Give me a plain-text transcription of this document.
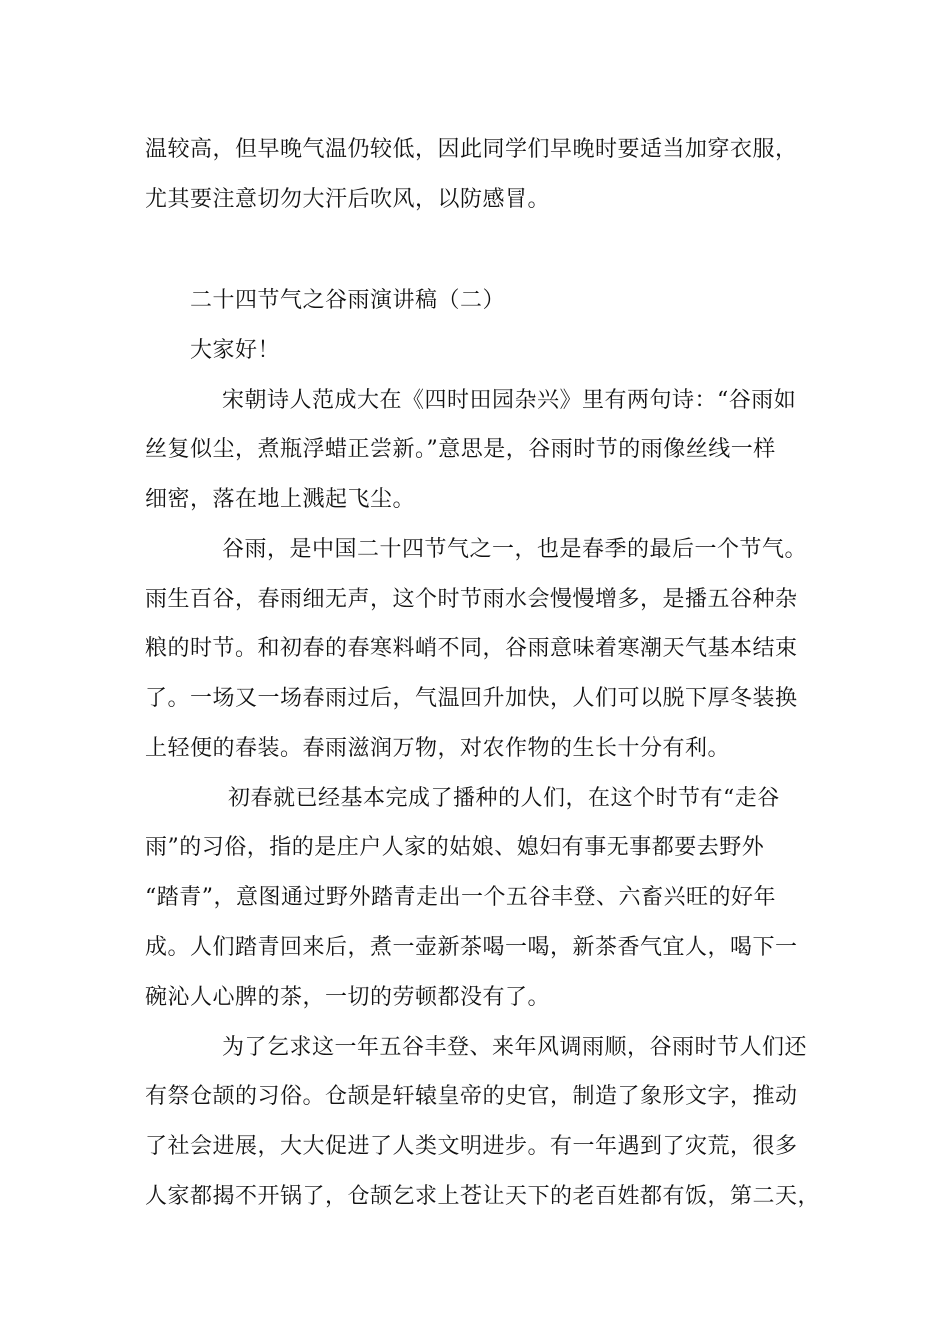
温较高，但早晚气温仍较低，因此同学们早晚时要适当加穿衣服，
尤其要注意切勿大汗后吹风，以防感冒。
二十四节气之谷雨演讲稿（二）
大家好！
宋朝诗人范成大在《四时田园杂兴》里有两句诗：“谷雨如
丝复似尘，煮瓶浮蜡正尝新。”意思是，谷雨时节的雨像丝线一样
细密，落在地上溅起飞尘。
谷雨，是中国二十四节气之一，也是春季的最后一个节气。
雨生百谷，春雨细无声，这个时节雨水会慢慢增多，是播五谷种杂
粮的时节。和初春的春寒料峭不同，谷雨意味着寒潮天气基本结束
了。一场又一场春雨过后，气温回升加快，人们可以脱下厚冬装换
上轻便的春装。春雨滋润万物，对农作物的生长十分有利。
初春就已经基本完成了播种的人们，在这个时节有“走谷
雨”的习俗，指的是庄户人家的姑娘、媳妇有事无事都要去野外
“踏青”，意图通过野外踏青走出一个五谷丰登、六畜兴旺的好年
成。人们踏青回来后，煮一壶新茶喝一喝，新茶香气宜人，喝下一
碗沁人心脾的茶，一切的劳顿都没有了。
为了乞求这一年五谷丰登、来年风调雨顺，谷雨时节人们还
有祭仓颉的习俗。仓颉是轩辕皇帝的史官，制造了象形文字，推动
了社会进展，大大促进了人类文明进步。有一年遇到了灾荒，很多
人家都揭不开锅了，仓颉乞求上苍让天下的老百姓都有饭，第二天，
